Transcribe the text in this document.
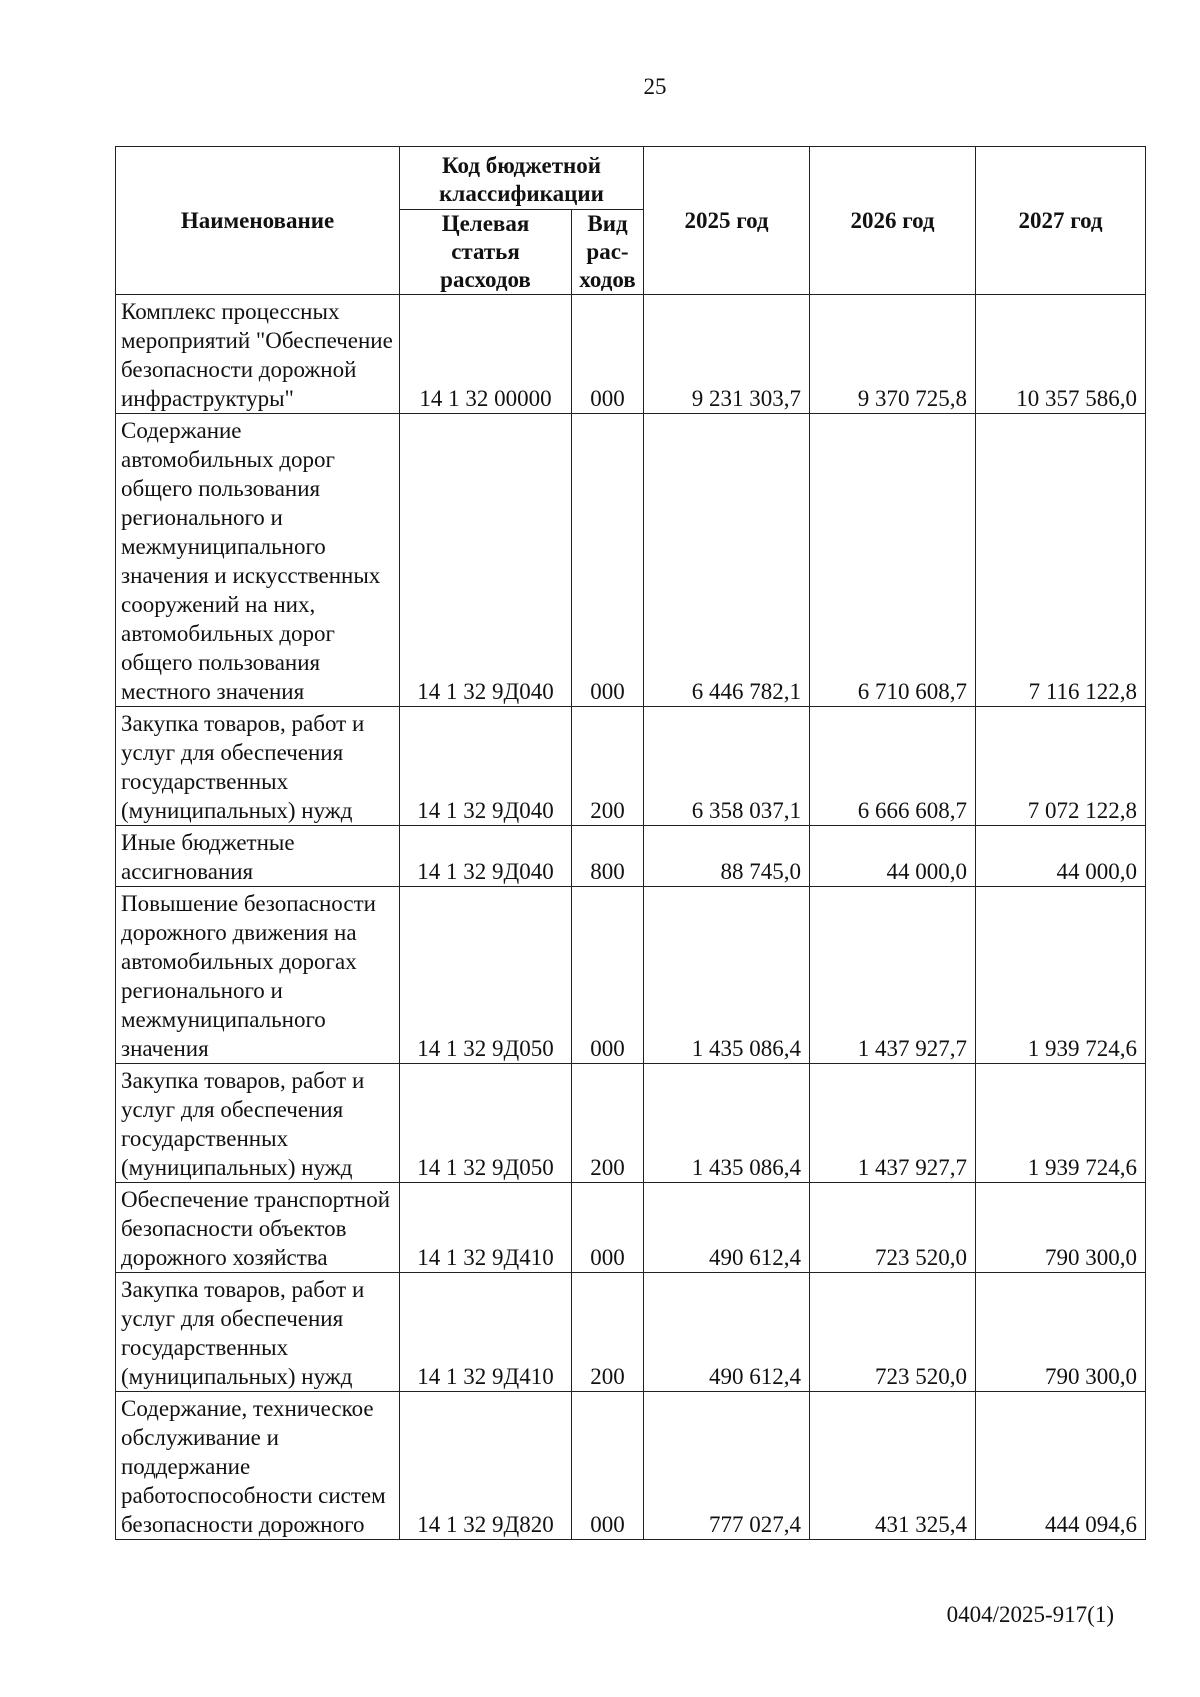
25
Наименование	Код бюджетной классификации		2025 год	2026 год	2027 год
	Целевая статья расходов	Вид рас-ходов			
Комплекс процессных мероприятий "Обеспечение безопасности дорожной инфраструктуры"	14 1 32 00000	000	9 231 303,7	9 370 725,8	10 357 586,0
Содержание автомобильных дорог общего пользования регионального и межмуниципального значения и искусственных сооружений на них, автомобильных дорог общего пользования местного значения	14 1 32 9Д040	000	6 446 782,1	6 710 608,7	7 116 122,8
Закупка товаров, работ и услуг для обеспечения государственных (муниципальных) нужд	14 1 32 9Д040	200	6 358 037,1	6 666 608,7	7 072 122,8
Иные бюджетные ассигнования	14 1 32 9Д040	800	88 745,0	44 000,0	44 000,0
Повышение безопасности дорожного движения на автомобильных дорогах регионального и межмуниципального значения	14 1 32 9Д050	000	1 435 086,4	1 437 927,7	1 939 724,6
Закупка товаров, работ и услуг для обеспечения государственных (муниципальных) нужд	14 1 32 9Д050	200	1 435 086,4	1 437 927,7	1 939 724,6
Обеспечение транспортной безопасности объектов дорожного хозяйства	14 1 32 9Д410	000	490 612,4	723 520,0	790 300,0
Закупка товаров, работ и услуг для обеспечения государственных (муниципальных) нужд	14 1 32 9Д410	200	490 612,4	723 520,0	790 300,0
Содержание, техническое обслуживание и поддержание работоспособности систем безопасности дорожного	14 1 32 9Д820	000	777 027,4	431 325,4	444 094,6
0404/2025-917(1)
